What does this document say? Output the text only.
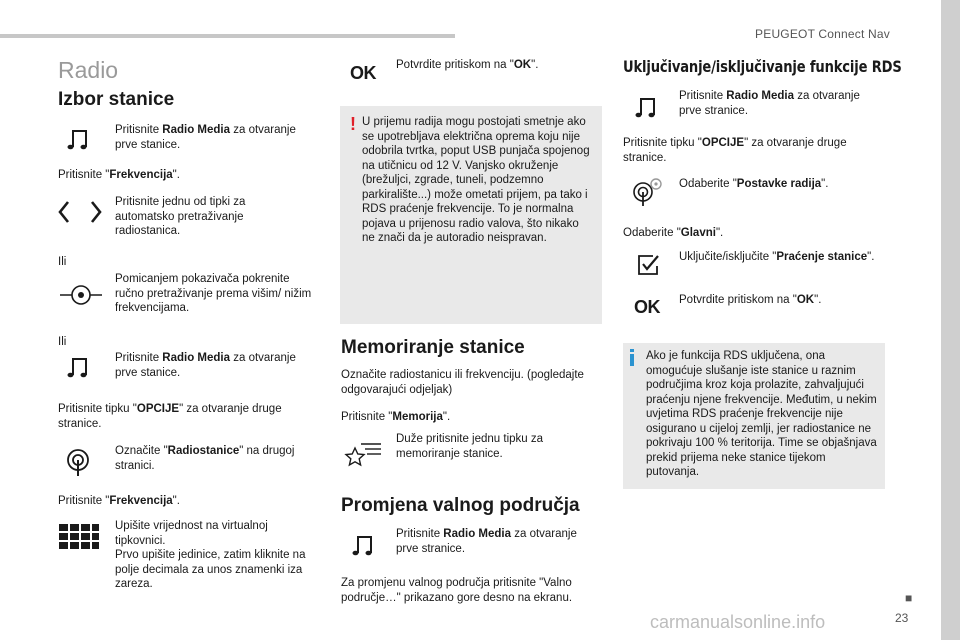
PEUGEOT Connect Nav
■
23
Radio
Izbor stanice
Pritisnite Radio Media za otvaranje prve stanice.
Pritisnite "Frekvencija".
Pritisnite jednu od tipki za automatsko pretraživanje radiostanica.
Ili
Pomicanjem pokazivača pokrenite ručno pretraživanje prema višim/ nižim frekvencijama.
Ili
Pritisnite Radio Media za otvaranje prve stanice.
Pritisnite tipku "OPCIJE" za otvaranje druge stranice.
Označite "Radiostanice" na drugoj stranici.
Pritisnite "Frekvencija".
Upišite vrijednost na virtualnoj tipkovnici.
Prvo upišite jedinice, zatim kliknite na polje decimala za unos znamenki iza zareza.
OK Potvrdite pritiskom na "OK".
! U prijemu radija mogu postojati smetnje ako se upotrebljava električna oprema koju nije odobrila tvrtka, poput USB punjača spojenog na utičnicu od 12 V. Vanjsko okruženje (brežuljci, zgrade, tuneli, podzemno parkiralište...) može ometati prijem, pa tako i RDS praćenje frekvencije. To je normalna pojava u prijenosu radio valova, što nikako ne znači da je autoradio neispravan.
Memoriranje stanice
Označite radiostanicu ili frekvenciju. (pogledajte odgovarajući odjeljak)
Pritisnite "Memorija".
Duže pritisnite jednu tipku za memoriranje stanice.
Promjena valnog područja
Pritisnite Radio Media za otvaranje prve stranice.
Za promjenu valnog područja pritisnite "Valno područje…" prikazano gore desno na ekranu.
Uključivanje/isključivanje funkcije RDS
Pritisnite Radio Media za otvaranje prve stranice.
Pritisnite tipku "OPCIJE" za otvaranje druge stranice.
Odaberite "Postavke radija".
Odaberite "Glavni".
Uključite/isključite "Praćenje stanice".
OK Potvrdite pritiskom na "OK".
Ako je funkcija RDS uključena, ona omogućuje slušanje iste stanice u raznim područjima kroz koja prolazite, zahvaljujući praćenju njene frekvencije. Međutim, u nekim uvjetima RDS praćenje frekvencije nije osigurano u cijeloj zemlji, jer radiostanice ne pokrivaju 100 % teritorija. Time se objašnjava prekid prijema neke stanice tijekom putovanja.
carmanualsonline.info
